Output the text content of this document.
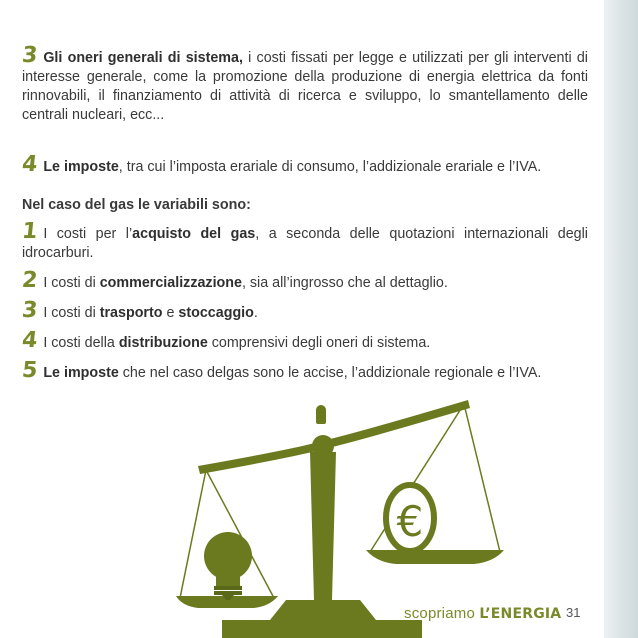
3 Gli oneri generali di sistema, i costi fissati per legge e utilizzati per gli interventi di interesse generale, come la promozione della produzione di energia elettrica da fonti rinnovabili, il finanziamento di attività di ricerca e sviluppo, lo smantellamento delle centrali nucleari, ecc...

4 Le imposte, tra cui l’imposta erariale di consumo, l’addizionale erariale e l’IVA.

Nel caso del gas le variabili sono:

1 I costi per l’acquisto del gas, a seconda delle quotazioni internazionali degli idrocarburi.

2 I costi di commercializzazione, sia all’ingrosso che al dettaglio.

3 I costi di trasporto e stoccaggio.

4 I costi della distribuzione comprensivi degli oneri di sistema.

5 Le imposte che nel caso delgas sono le accise, l’addizionale regionale e l’IVA.

€
scopriamo L’ENERGIA 31
